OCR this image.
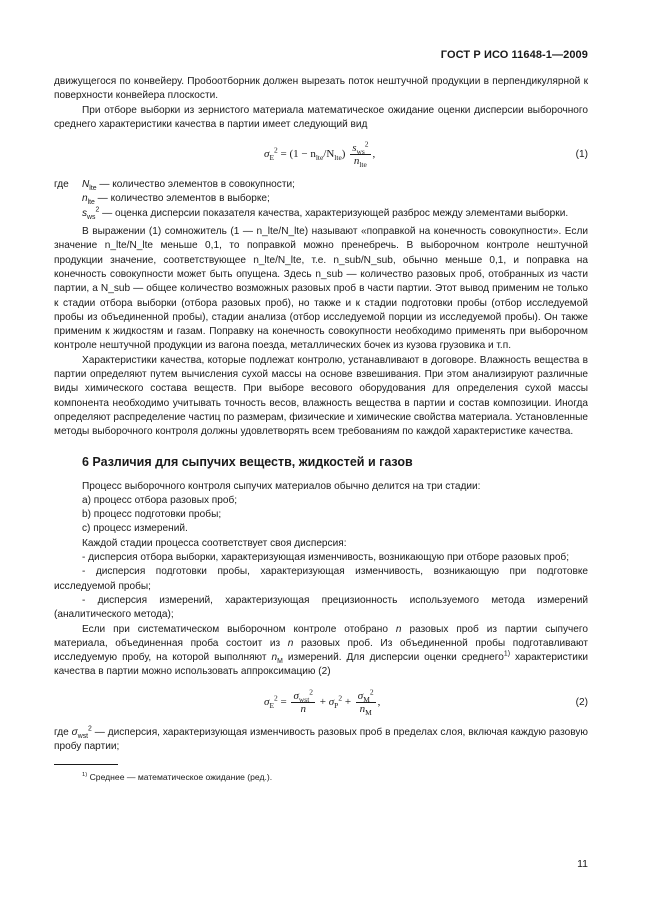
ГОСТ Р ИСО 11648-1—2009

движущегося по конвейеру. Пробоотборник должен вырезать поток нештучной продукции в перпендикулярной к поверхности конвейера плоскости.

При отборе выборки из зернистого материала математическое ожидание оценки дисперсии выборочного среднего характеристики качества в партии имеет следующий вид

$\sigma_E^2 = (1 - n_{lte}/N_{lte}) \frac{s_{ws}^2}{n_{lte}}$ ,	(1)
где	$N_{lte}$ — количество элементов в совокупности;
$n_{lte}$ — количество элементов в выборке;
$s_{ws}^2$ — оценка дисперсии показателя качества, характеризующей разброс между элементами выборки.

В выражении (1) сомножитель (1 — n_lte/N_lte) называют «поправкой на конечность совокупности». Если значение n_lte/N_lte меньше 0,1, то поправкой можно пренебречь. В выборочном контроле нештучной продукции значение, соответствующее n_lte/N_lte, т.е. n_sub/N_sub, обычно меньше 0,1, и поправка на конечность совокупности может быть опущена. Здесь n_sub — количество разовых проб, отобранных из части партии, а N_sub — общее количество возможных разовых проб в части партии. Этот вывод применим не только к стадии отбора выборки (отбора разовых проб), но также и к стадии подготовки пробы (отбор исследуемой пробы из объединенной пробы), стадии анализа (отбор исследуемой порции из исследуемой пробы). Он также применим к жидкостям и газам. Поправку на конечность совокупности необходимо применять при выборочном контроле нештучной продукции из вагона поезда, металлических бочек из кузова грузовика и т.п.

Характеристики качества, которые подлежат контролю, устанавливают в договоре. Влажность вещества в партии определяют путем вычисления сухой массы на основе взвешивания. При этом анализируют различные виды химического состава веществ. При выборе весового оборудования для определения сухой массы компонента необходимо учитывать точность весов, влажность вещества в партии и состав композиции. Иногда определяют распределение частиц по размерам, физические и химические свойства материала. Установленные методы выборочного контроля должны удовлетворять всем требованиям по каждой характеристике качества.

6 Различия для сыпучих веществ, жидкостей и газов

Процесс выборочного контроля сыпучих материалов обычно делится на три стадии:

a) процесс отбора разовых проб;

b) процесс подготовки пробы;

c) процесс измерений.

Каждой стадии процесса соответствует своя дисперсия:

- дисперсия отбора выборки, характеризующая изменчивость, возникающую при отборе разовых проб;

- дисперсия подготовки пробы, характеризующая изменчивость, возникающую при подготовке исследуемой пробы;

- дисперсия измерений, характеризующая прецизионность используемого метода измерений (аналитического метода);

Если при систематическом выборочном контроле отобрано n разовых проб из партии сыпучего материала, объединенная проба состоит из n разовых проб. Из объединенной пробы подготавливают исследуемую пробу, на которой выполняют $n_M$ измерений. Для дисперсии оценки среднего$^{1)}$ характеристики качества в партии можно использовать аппроксимацию (2)

$\sigma_E^2 = \frac{\sigma_{wst}^2}{n} + \sigma_P^2 + \frac{\sigma_M^2}{n_M}$ ,	(2)

где $\sigma_{wst}^2$ — дисперсия, характеризующая изменчивость разовых проб в пределах слоя, включая каждую разовую пробу партии;

$^{1)}$ Среднее — математическое ожидание (ред.).
11
